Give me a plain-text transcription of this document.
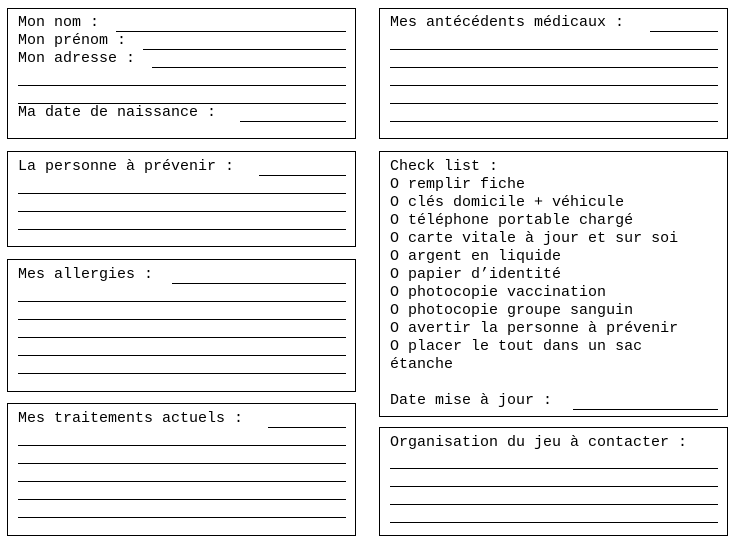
Mon nom :
Mon prénom :
Mon adresse :
Ma date de naissance :
La personne à prévenir :
Mes allergies :
Mes traitements actuels :
Mes antécédents médicaux :
Check list :
O remplir fiche
O clés domicile + véhicule
O téléphone portable chargé
O carte vitale à jour et sur soi
O argent en liquide
O papier d’identité
O photocopie vaccination
O photocopie groupe sanguin
O avertir la personne à prévenir
O placer le tout dans un sac
étanche
Date mise à jour :
Organisation du jeu à contacter :
